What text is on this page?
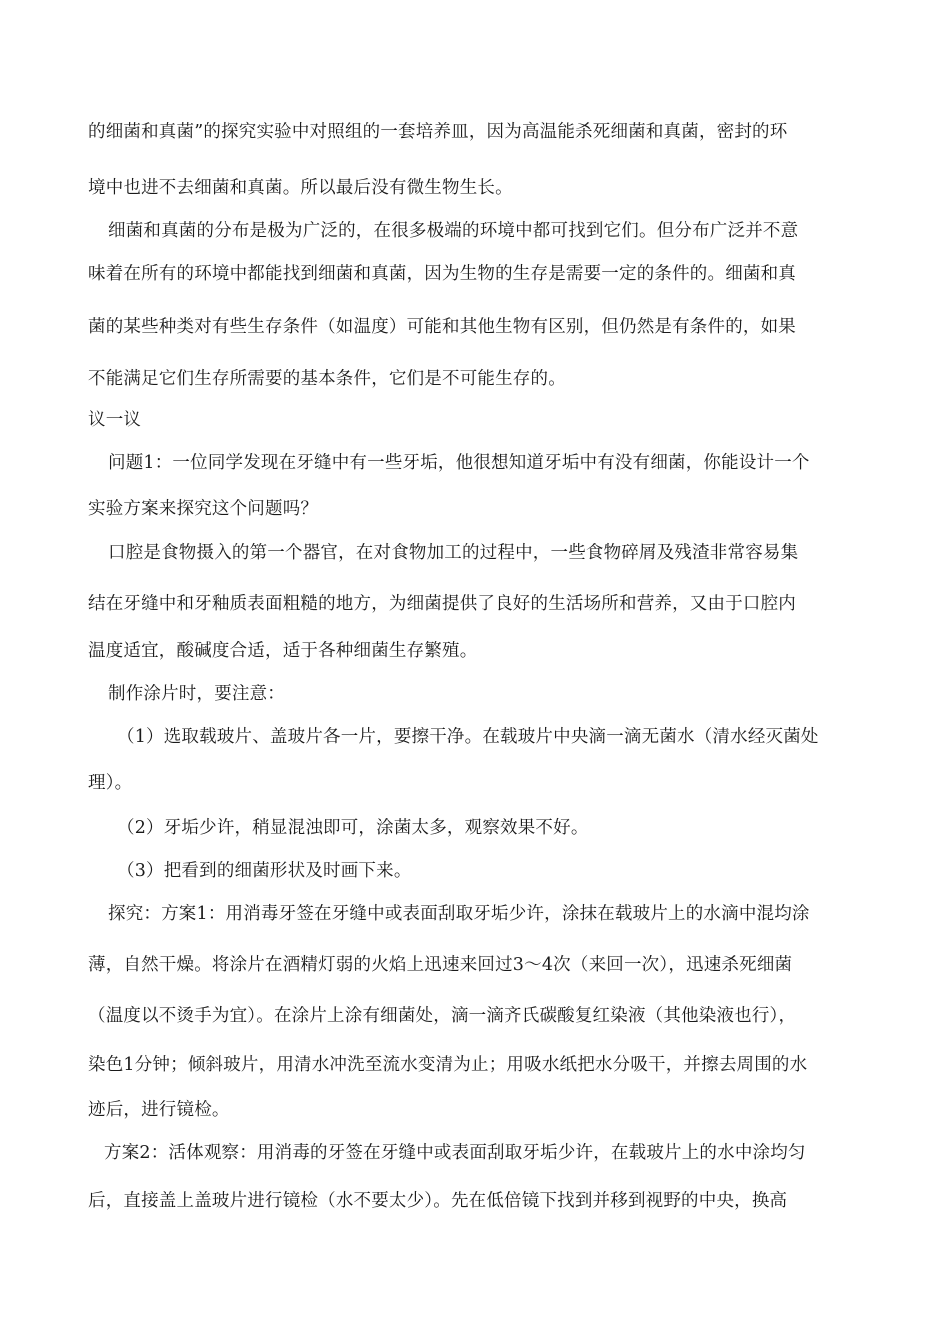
的细菌和真菌”的探究实验中对照组的一套培养皿，因为高温能杀死细菌和真菌，密封的环
境中也进不去细菌和真菌。所以最后没有微生物生长。
细菌和真菌的分布是极为广泛的，在很多极端的环境中都可找到它们。但分布广泛并不意
味着在所有的环境中都能找到细菌和真菌，因为生物的生存是需要一定的条件的。细菌和真
菌的某些种类对有些生存条件（如温度）可能和其他生物有区别，但仍然是有条件的，如果
不能满足它们生存所需要的基本条件，它们是不可能生存的。
议一议
问题1：一位同学发现在牙缝中有一些牙垢，他很想知道牙垢中有没有细菌，你能设计一个
实验方案来探究这个问题吗？
口腔是食物摄入的第一个器官，在对食物加工的过程中，一些食物碎屑及残渣非常容易集
结在牙缝中和牙釉质表面粗糙的地方，为细菌提供了良好的生活场所和营养，又由于口腔内
温度适宜，酸碱度合适，适于各种细菌生存繁殖。
制作涂片时，要注意：
（1）选取载玻片、盖玻片各一片，要擦干净。在载玻片中央滴一滴无菌水（清水经灭菌处
理）。
（2）牙垢少许，稍显混浊即可，涂菌太多，观察效果不好。
（3）把看到的细菌形状及时画下来。
探究：方案1：用消毒牙签在牙缝中或表面刮取牙垢少许，涂抹在载玻片上的水滴中混均涂
薄，自然干燥。将涂片在酒精灯弱的火焰上迅速来回过3～4次（来回一次），迅速杀死细菌
（温度以不烫手为宜）。在涂片上涂有细菌处，滴一滴齐氏碳酸复红染液（其他染液也行），
染色1分钟；倾斜玻片，用清水冲洗至流水变清为止；用吸水纸把水分吸干，并擦去周围的水
迹后，进行镜检。
方案2：活体观察：用消毒的牙签在牙缝中或表面刮取牙垢少许，在载玻片上的水中涂均匀
后，直接盖上盖玻片进行镜检（水不要太少）。先在低倍镜下找到并移到视野的中央，换高
